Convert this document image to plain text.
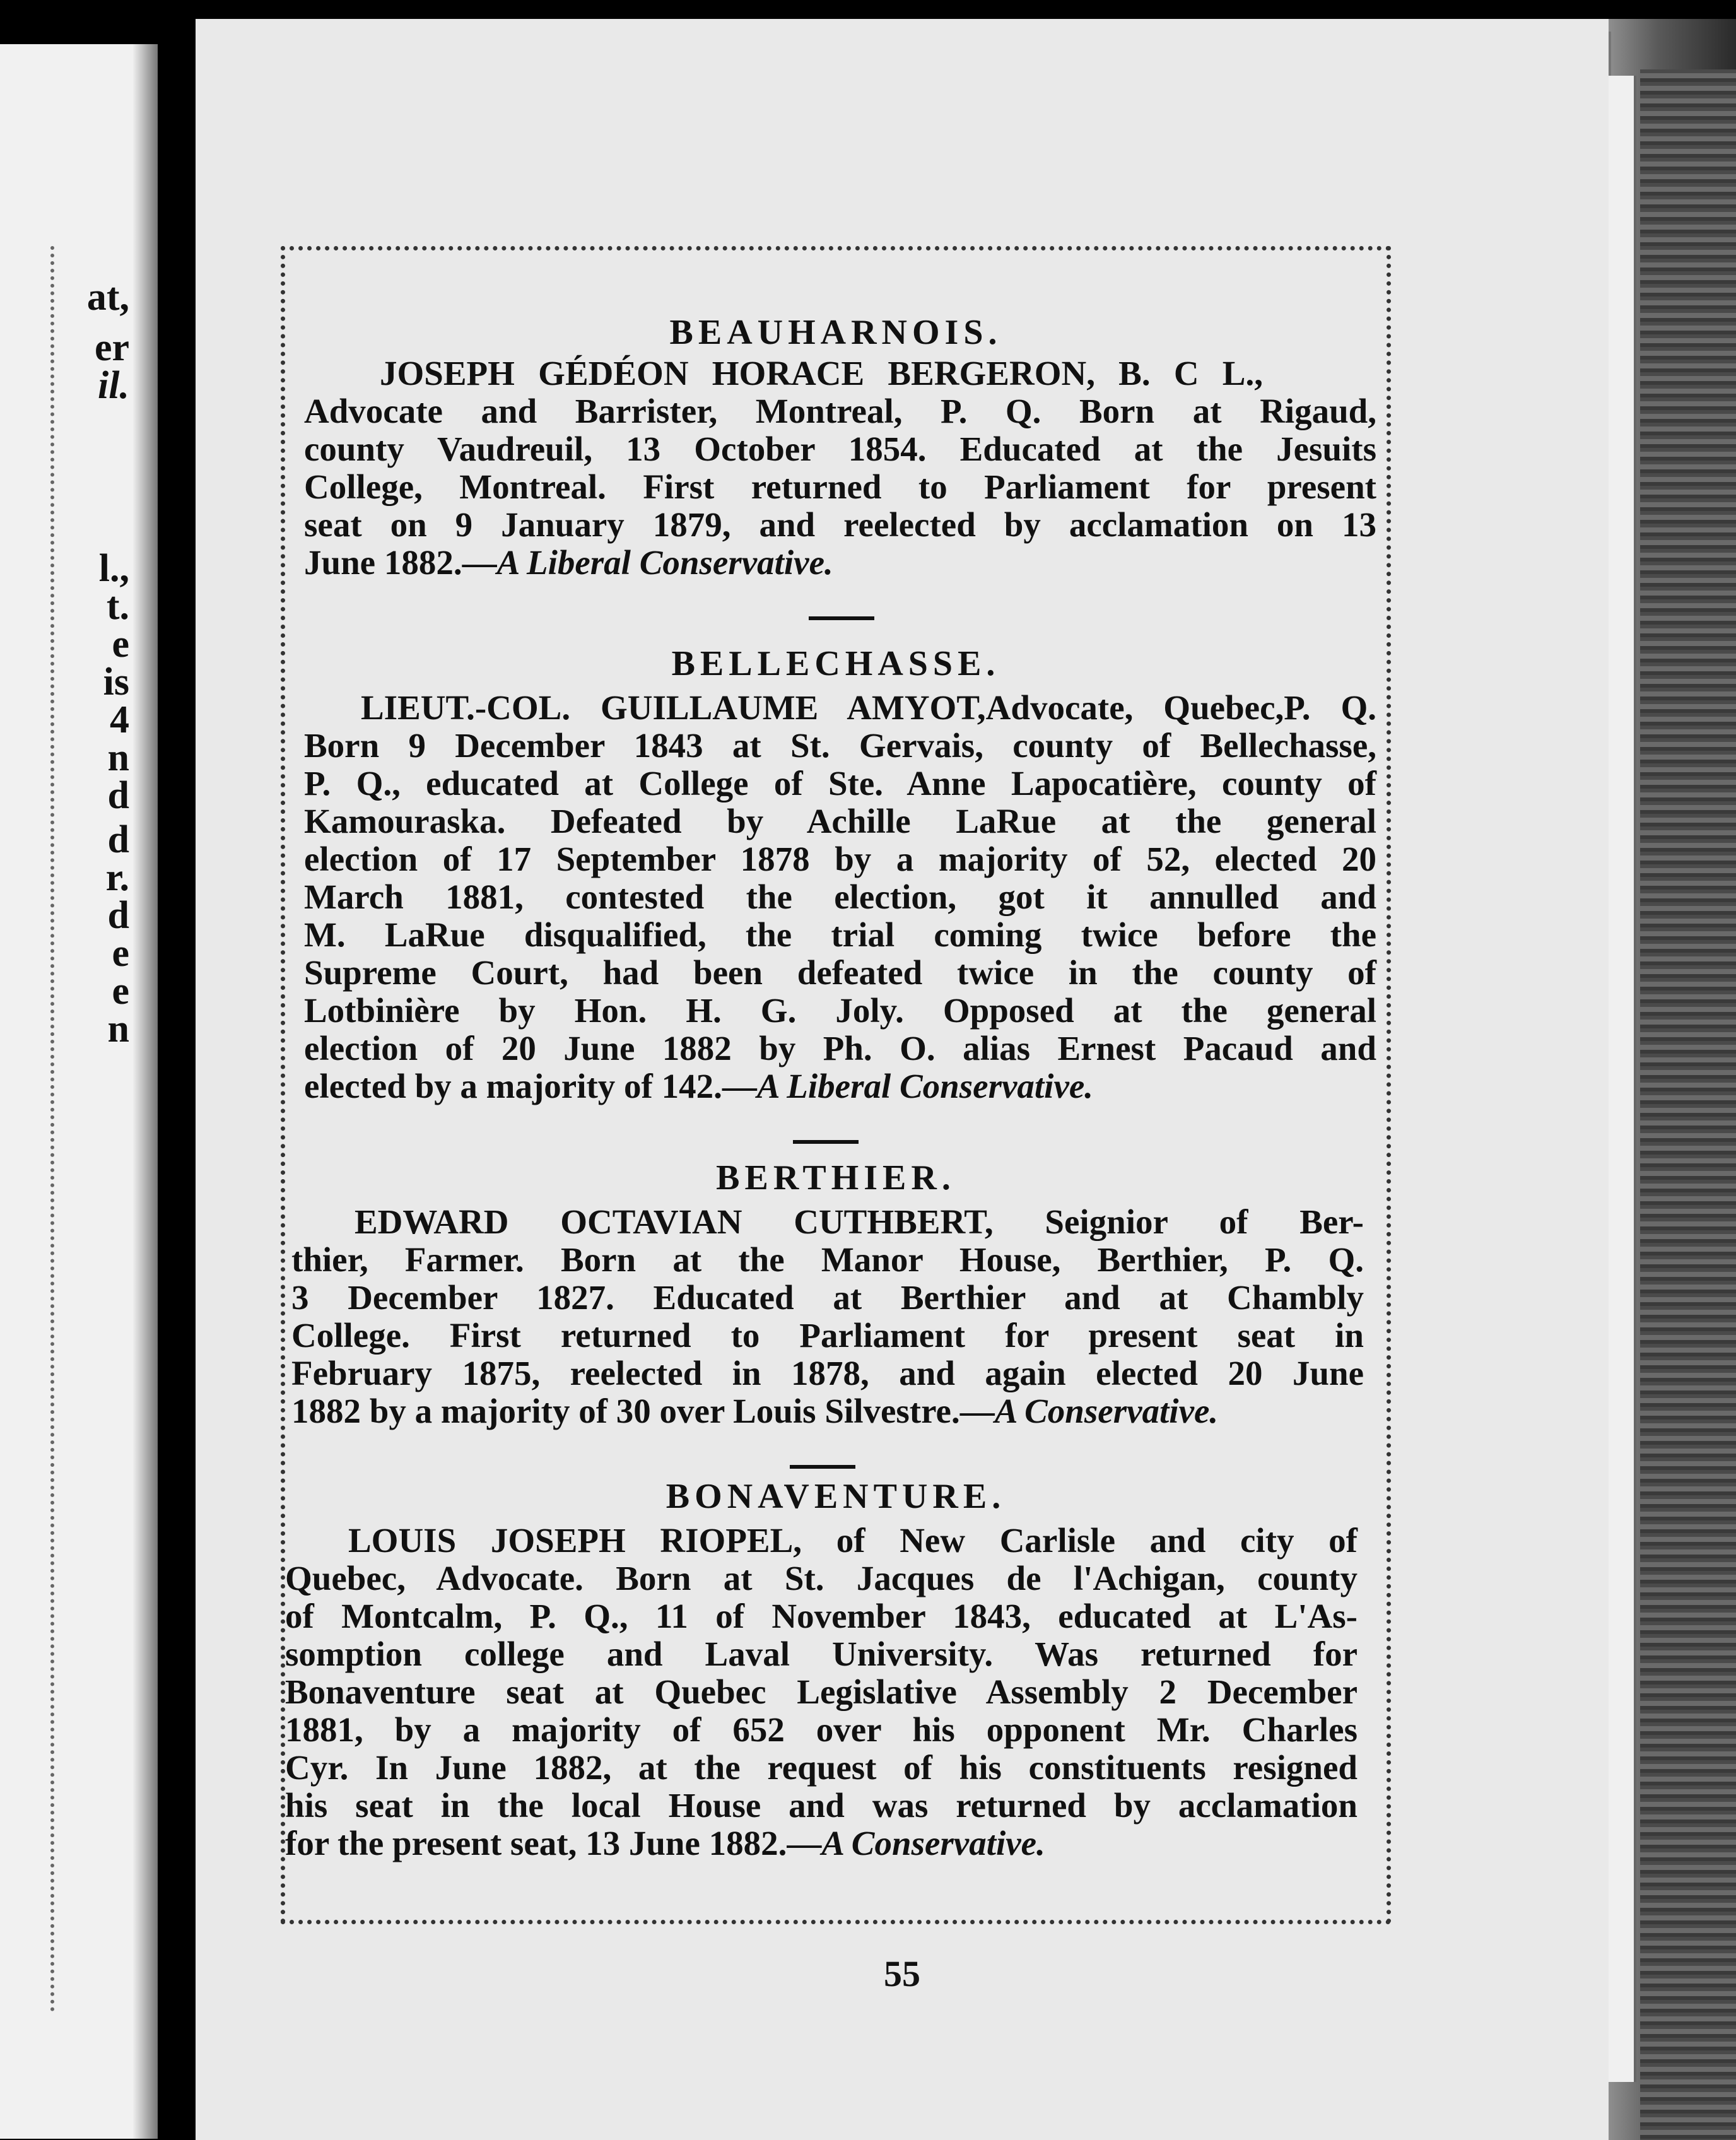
at,
er
il.
l.,
t.
e
is
4
n
d
d
r.
d
e
e
n
BEAUHARNOIS.
JOSEPH GÉDÉON HORACE BERGERON, B. C L.,
Advocate and Barrister, Montreal, P. Q. Born at Rigaud,
county Vaudreuil, 13 October 1854. Educated at the Jesuits
College, Montreal. First returned to Parliament for present
seat on 9 January 1879, and reelected by acclamation on 13
June 1882.—A Liberal Conservative.
BELLECHASSE.
LIEUT.-COL. GUILLAUME AMYOT,Advocate, Quebec,P. Q.
Born 9 December 1843 at St. Gervais, county of Bellechasse,
P. Q., educated at College of Ste. Anne Lapocatière, county of
Kamouraska. Defeated by Achille LaRue at the general
election of 17 September 1878 by a majority of 52, elected 20
March 1881, contested the election, got it annulled and
M. LaRue disqualified, the trial coming twice before the
Supreme Court, had been defeated twice in the county of
Lotbinière by Hon. H. G. Joly. Opposed at the general
election of 20 June 1882 by Ph. O. alias Ernest Pacaud and
elected by a majority of 142.—A Liberal Conservative.
BERTHIER.
EDWARD OCTAVIAN CUTHBERT, Seignior of Ber-
thier, Farmer. Born at the Manor House, Berthier, P. Q.
3 December 1827. Educated at Berthier and at Chambly
College. First returned to Parliament for present seat in
February 1875, reelected in 1878, and again elected 20 June
1882 by a majority of 30 over Louis Silvestre.—A Conservative.
BONAVENTURE.
LOUIS JOSEPH RIOPEL, of New Carlisle and city of
Quebec, Advocate. Born at St. Jacques de l'Achigan, county
of Montcalm, P. Q., 11 of November 1843, educated at L'As-
somption college and Laval University. Was returned for
Bonaventure seat at Quebec Legislative Assembly 2 December
1881, by a majority of 652 over his opponent Mr. Charles
Cyr. In June 1882, at the request of his constituents resigned
his seat in the local House and was returned by acclamation
for the present seat, 13 June 1882.—A Conservative.
55
